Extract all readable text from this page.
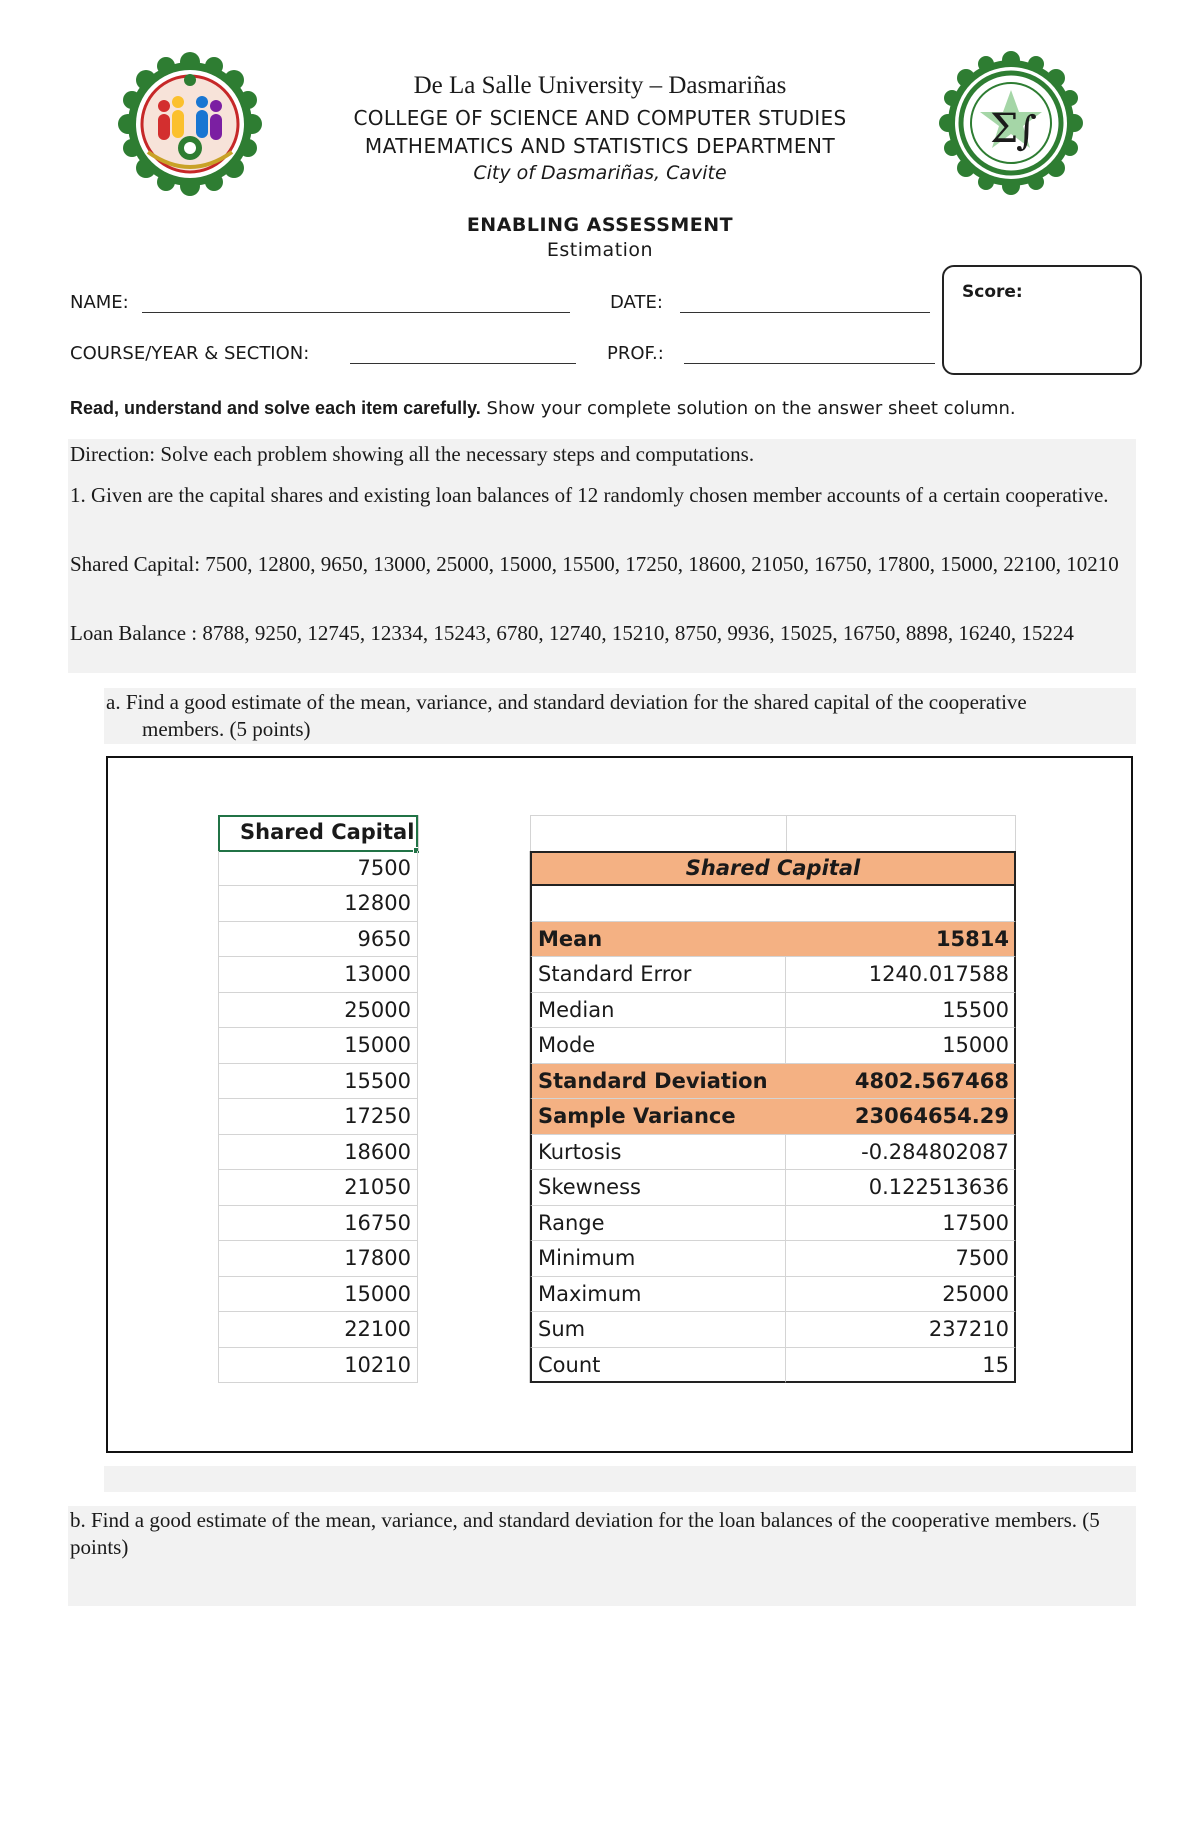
Σ
∫
De La Salle University – Dasmariñas
COLLEGE OF SCIENCE AND COMPUTER STUDIES
MATHEMATICS AND STATISTICS DEPARTMENT
City of Dasmariñas, Cavite
ENABLING ASSESSMENT
Estimation
NAME:	DATE:
COURSE/YEAR & SECTION:	PROF.:
Score:
Read, understand and solve each item carefully. Show your complete solution on the answer sheet column.
Direction: Solve each problem showing all the necessary steps and computations.
1. Given are the capital shares and existing loan balances of 12 randomly chosen member accounts of a certain cooperative.
Shared Capital: 7500, 12800, 9650, 13000, 25000, 15000, 15500, 17250, 18600, 21050, 16750, 17800, 15000, 22100, 10210
Loan Balance : 8788, 9250, 12745, 12334, 15243, 6780, 12740, 15210, 8750, 9936, 15025, 16750, 8898, 16240, 15224
a. Find a good estimate of the mean, variance, and standard deviation for the shared capital of the cooperative members. (5 points)
Shared Capital
7500
12800
9650
13000
25000
15000
15500
17250
18600
21050
16750
17800
15000
22100
10210
Shared Capital
Mean	15814
Standard Error	1240.017588
Median	15500
Mode	15000
Standard Deviation	4802.567468
Sample Variance	23064654.29
Kurtosis	-0.284802087
Skewness	0.122513636
Range	17500
Minimum	7500
Maximum	25000
Sum	237210
Count	15
b. Find a good estimate of the mean, variance, and standard deviation for the loan balances of the cooperative members. (5 points)
